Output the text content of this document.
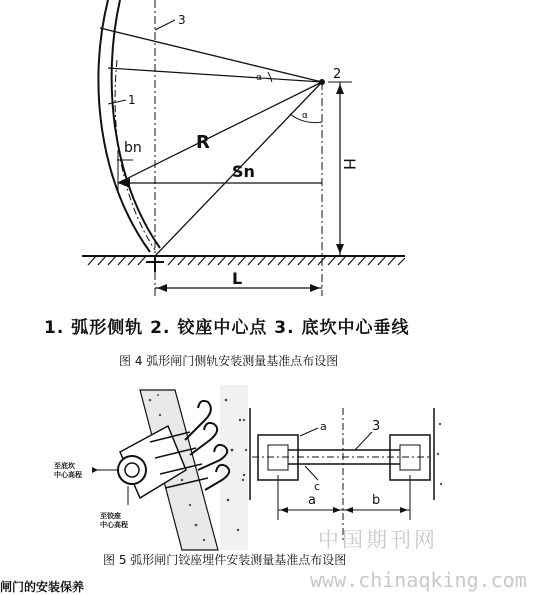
3
2
1
α
α
R
bn
Sn	H
L
1. 弧形侧轨 2. 铰座中心点 3. 底坎中心垂线
图 4 弧形闸门侧轨安装测量基准点布设图
至底坎 中心高程
至铰座 中心高程
a	3
c
a	b
中国期刊网
图 5 弧形闸门铰座埋件安装测量基准点布设图
www.chinaqking.com
闸门的安装保养
